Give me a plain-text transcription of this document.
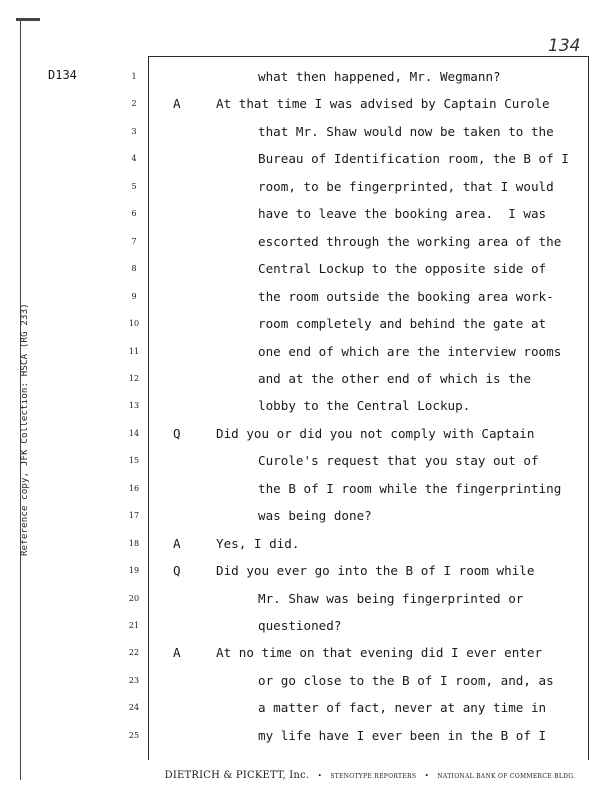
134
D134
Reference copy, JFK Collection: HSCA (RG 233)
1	what then happened, Mr. Wegmann?
2	A	At that time I was advised by Captain Curole
3	that Mr. Shaw would now be taken to the
4	Bureau of Identification room, the B of I
5	room, to be fingerprinted, that I would
6	have to leave the booking area.  I was
7	escorted through the working area of the
8	Central Lockup to the opposite side of
9	the room outside the booking area work-
10	room completely and behind the gate at
11	one end of which are the interview rooms
12	and at the other end of which is the
13	lobby to the Central Lockup.
14	Q	Did you or did you not comply with Captain
15	Curole's request that you stay out of
16	the B of I room while the fingerprinting
17	was being done?
18	A	Yes, I did.
19	Q	Did you ever go into the B of I room while
20	Mr. Shaw was being fingerprinted or
21	questioned?
22	A	At no time on that evening did I ever enter
23	or go close to the B of I room, and, as
24	a matter of fact, never at any time in
25	my life have I ever been in the B of I
DIETRICH & PICKETT, Inc. • STENOTYPE REPORTERS • NATIONAL BANK OF COMMERCE BLDG.
